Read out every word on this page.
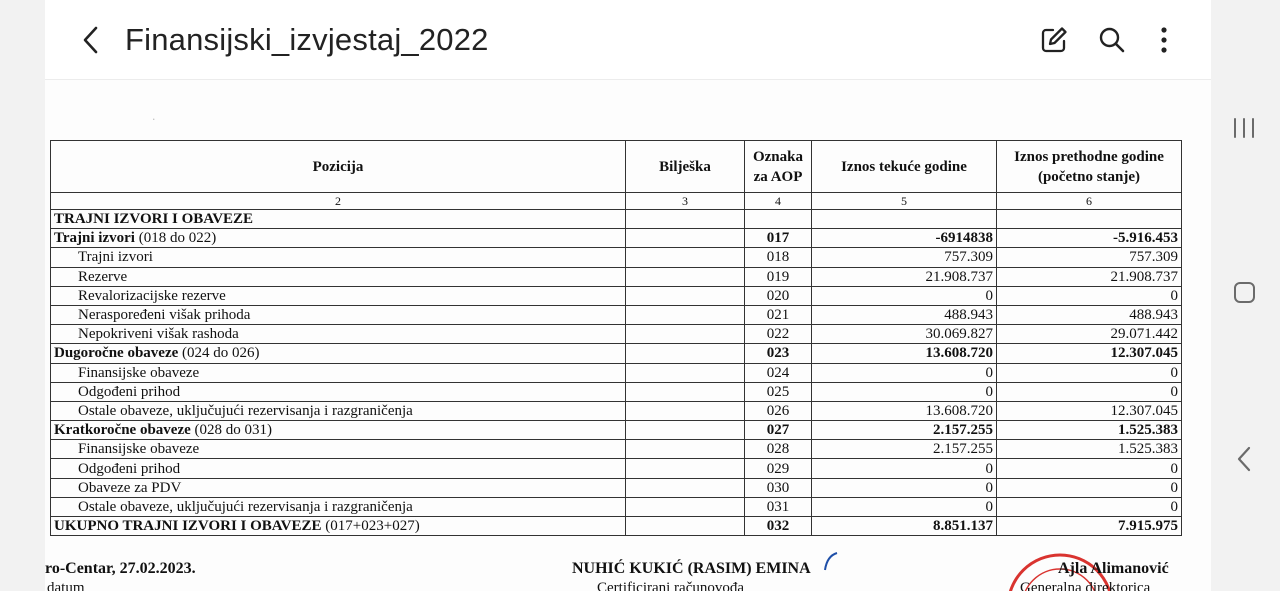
Finansijski_izvjestaj_2022
·
Pozicija	Bilješka	Oznaka za AOP	Iznos tekuće godine	Iznos prethodne godine (početno stanje)
2	3	4	5	6
TRAJNI IZVORI I OBAVEZE				
Trajni izvori (018 do 022)		017	-6914838	-5.916.453
Trajni izvori		018	757.309	757.309
Rezerve		019	21.908.737	21.908.737
Revalorizacijske rezerve		020	0	0
Neraspoređeni višak prihoda		021	488.943	488.943
Nepokriveni višak rashoda		022	30.069.827	29.071.442
Dugoročne obaveze (024 do 026)		023	13.608.720	12.307.045
Finansijske obaveze		024	0	0
Odgođeni prihod		025	0	0
Ostale obaveze, uključujući rezervisanja i razgraničenja		026	13.608.720	12.307.045
Kratkoročne obaveze (028 do 031)		027	2.157.255	1.525.383
Finansijske obaveze		028	2.157.255	1.525.383
Odgođeni prihod		029	0	0
Obaveze za PDV		030	0	0
Ostale obaveze, uključujući rezervisanja i razgraničenja		031	0	0
UKUPNO TRAJNI IZVORI I OBAVEZE (017+023+027)		032	8.851.137	7.915.975
ro-Centar, 27.02.2023.
datum
NUHIĆ KUKIĆ (RASIM) EMINA
Certificirani računovođa
Ajla Alimanović
Generalna direktorica
